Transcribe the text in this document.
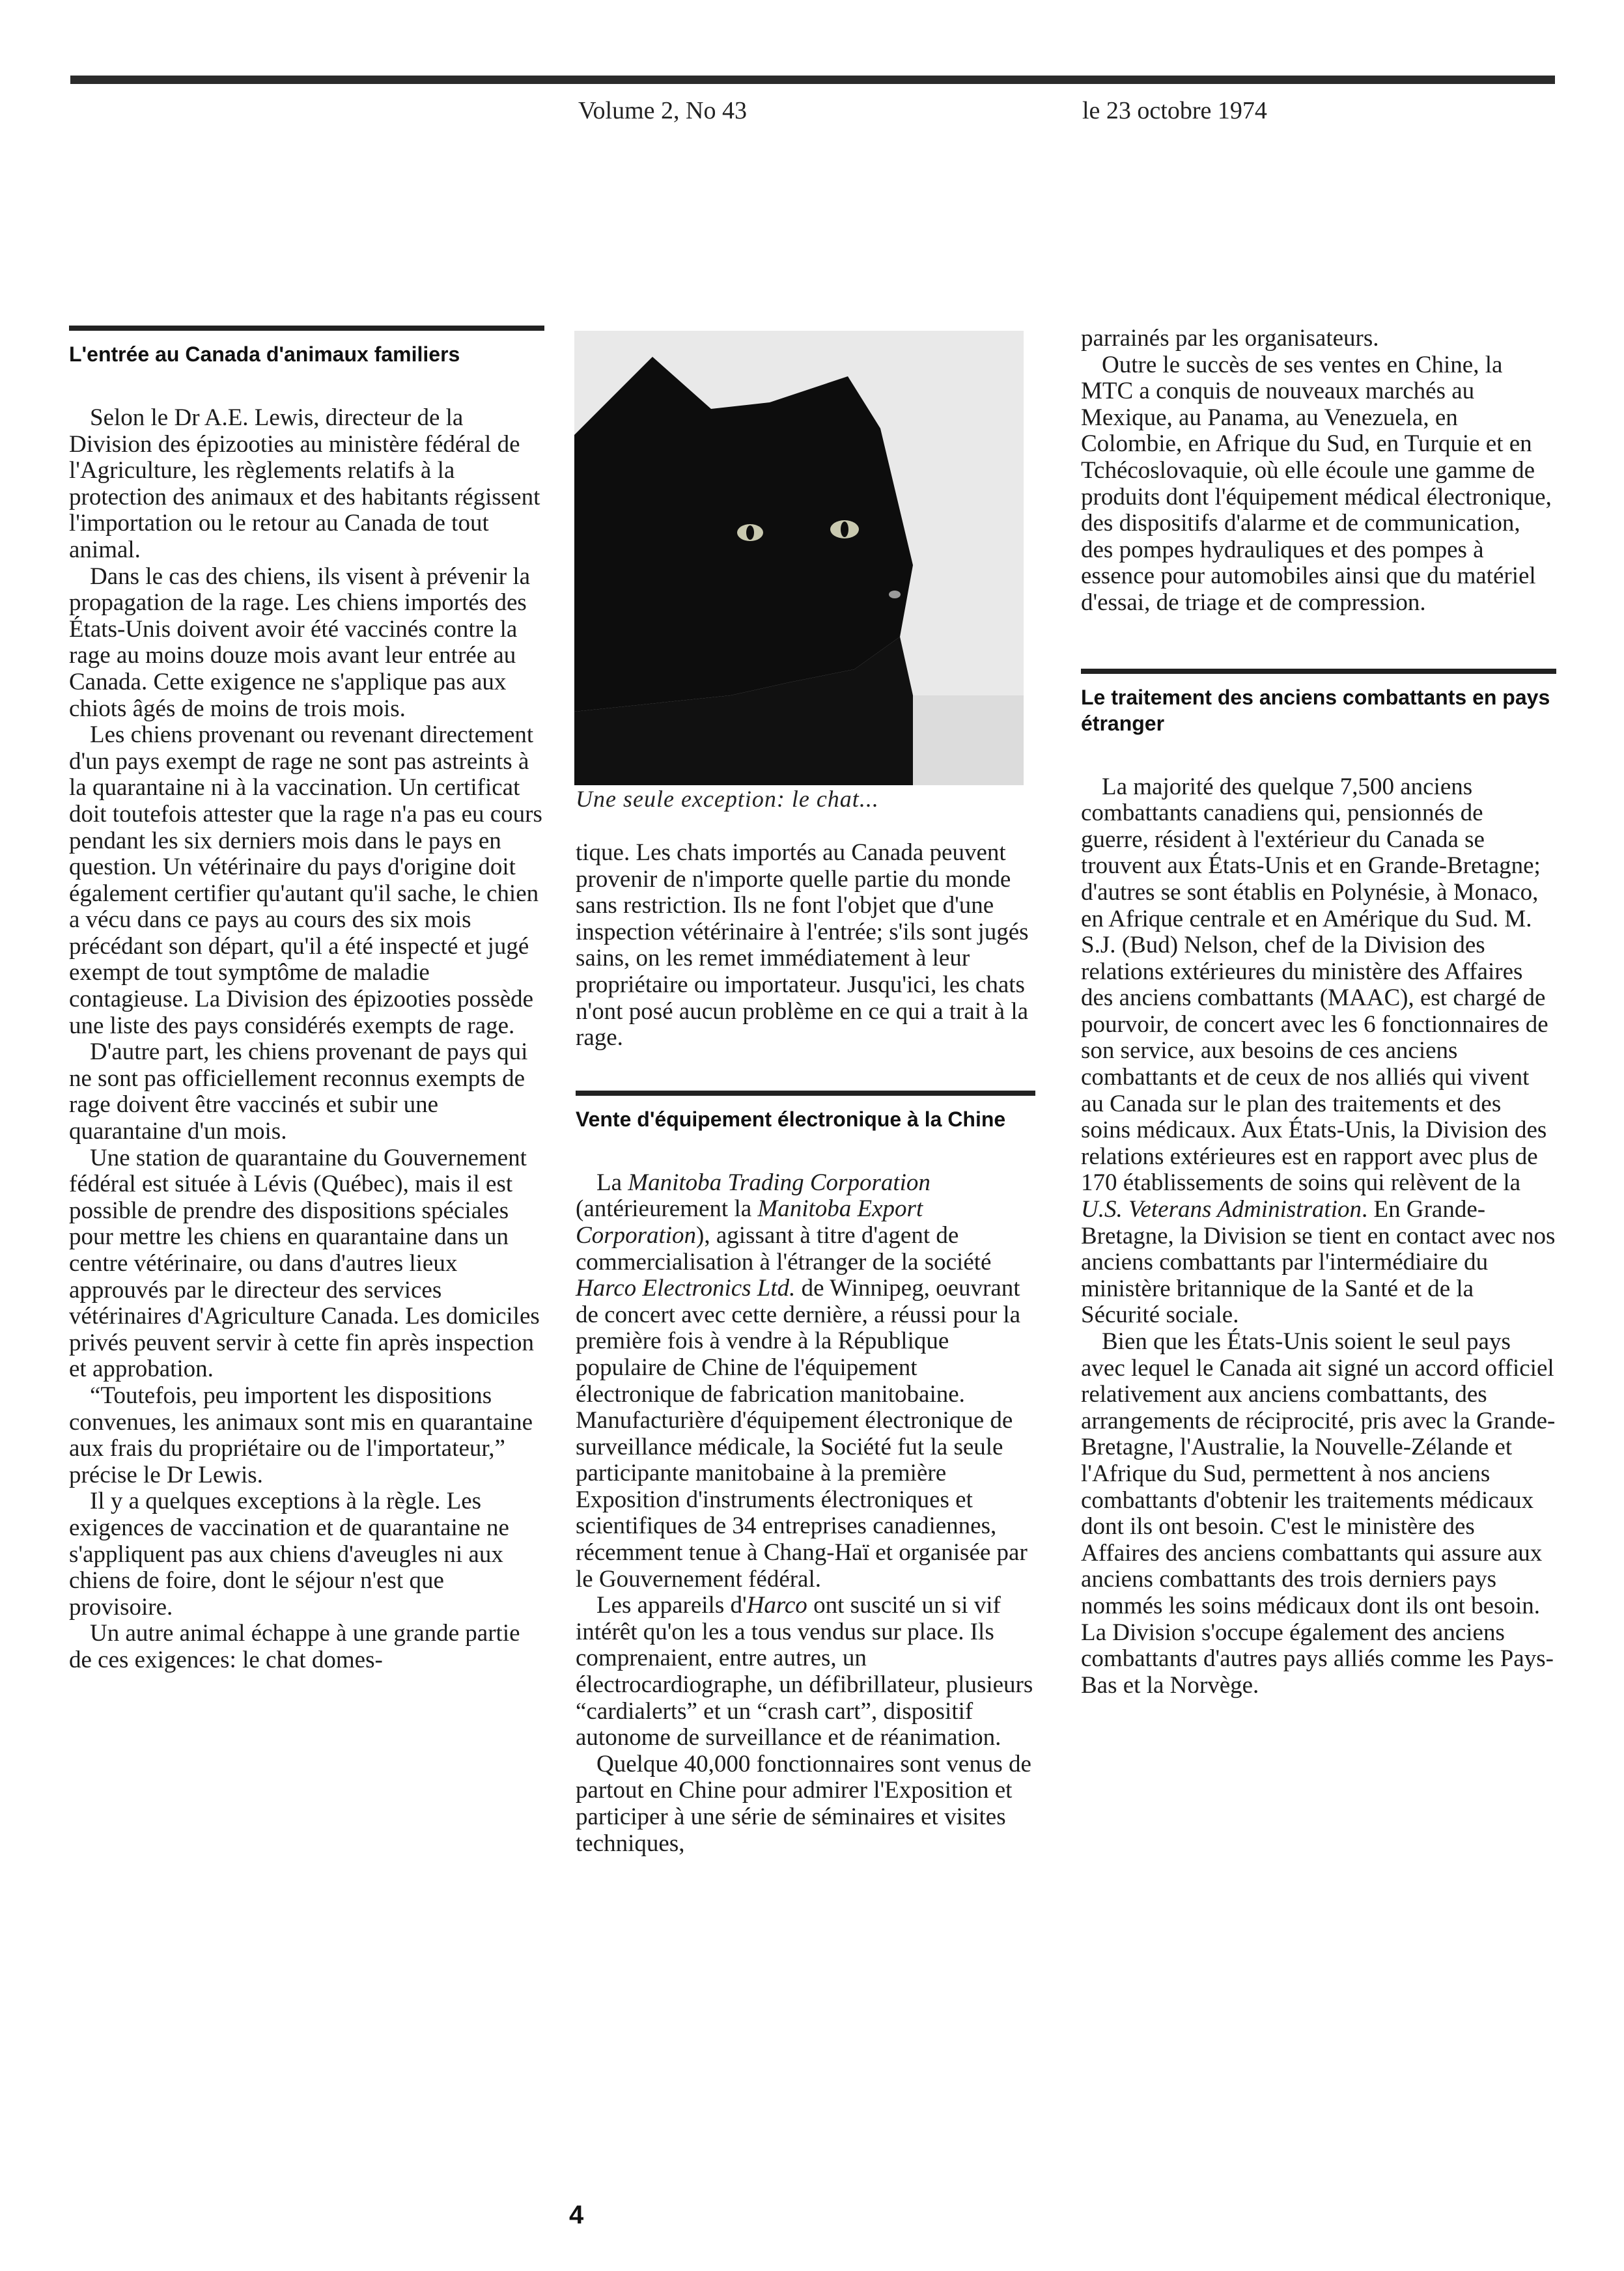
Volume 2, No 43	le 23 octobre 1974
L'entrée au Canada d'animaux familiers

Selon le Dr A.E. Lewis, directeur de la Division des épizooties au ministère fédéral de l'Agriculture, les règlements relatifs à la protection des animaux et des habitants régissent l'importation ou le retour au Canada de tout animal.

Dans le cas des chiens, ils visent à prévenir la propagation de la rage. Les chiens importés des États-Unis doivent avoir été vaccinés contre la rage au moins douze mois avant leur entrée au Canada. Cette exigence ne s'applique pas aux chiots âgés de moins de trois mois.

Les chiens provenant ou revenant directement d'un pays exempt de rage ne sont pas astreints à la quarantaine ni à la vaccination. Un certificat doit toutefois attester que la rage n'a pas eu cours pendant les six derniers mois dans le pays en question. Un vétérinaire du pays d'origine doit également certifier qu'autant qu'il sache, le chien a vécu dans ce pays au cours des six mois précédant son départ, qu'il a été inspecté et jugé exempt de tout symptôme de maladie contagieuse. La Division des épizooties possède une liste des pays considérés exempts de rage.

D'autre part, les chiens provenant de pays qui ne sont pas officiellement reconnus exempts de rage doivent être vaccinés et subir une quarantaine d'un mois.

Une station de quarantaine du Gouvernement fédéral est située à Lévis (Québec), mais il est possible de prendre des dispositions spéciales pour mettre les chiens en quarantaine dans un centre vétérinaire, ou dans d'autres lieux approuvés par le directeur des services vétérinaires d'Agriculture Canada. Les domiciles privés peuvent servir à cette fin après inspection et approbation.

“Toutefois, peu importent les dispositions convenues, les animaux sont mis en quarantaine aux frais du propriétaire ou de l'importateur,” précise le Dr Lewis.

Il y a quelques exceptions à la règle. Les exigences de vaccination et de quarantaine ne s'appliquent pas aux chiens d'aveugles ni aux chiens de foire, dont le séjour n'est que provisoire.

Un autre animal échappe à une grande partie de ces exigences: le chat domes-

Une seule exception: le chat...

tique. Les chats importés au Canada peuvent provenir de n'importe quelle partie du monde sans restriction. Ils ne font l'objet que d'une inspection vétérinaire à l'entrée; s'ils sont jugés sains, on les remet immédiatement à leur propriétaire ou importateur. Jusqu'ici, les chats n'ont posé aucun problème en ce qui a trait à la rage.

Vente d'équipement électronique à la Chine

La Manitoba Trading Corporation (antérieurement la Manitoba Export Corporation), agissant à titre d'agent de commercialisation à l'étranger de la société Harco Electronics Ltd. de Winnipeg, oeuvrant de concert avec cette dernière, a réussi pour la première fois à vendre à la République populaire de Chine de l'équipement électronique de fabrication manitobaine. Manufacturière d'équipement électronique de surveillance médicale, la Société fut la seule participante manitobaine à la première Exposition d'instruments électroniques et scientifiques de 34 entreprises canadiennes, récemment tenue à Chang-Haï et organisée par le Gouvernement fédéral.

Les appareils d'Harco ont suscité un si vif intérêt qu'on les a tous vendus sur place. Ils comprenaient, entre autres, un électrocardiographe, un défibrillateur, plusieurs “cardialerts” et un “crash cart”, dispositif autonome de surveillance et de réanimation.

Quelque 40,000 fonctionnaires sont venus de partout en Chine pour admirer l'Exposition et participer à une série de séminaires et visites techniques,

parrainés par les organisateurs.

Outre le succès de ses ventes en Chine, la MTC a conquis de nouveaux marchés au Mexique, au Panama, au Venezuela, en Colombie, en Afrique du Sud, en Turquie et en Tchécoslovaquie, où elle écoule une gamme de produits dont l'équipement médical électronique, des dispositifs d'alarme et de communication, des pompes hydrauliques et des pompes à essence pour automobiles ainsi que du matériel d'essai, de triage et de compression.

Le traitement des anciens combattants en pays étranger

La majorité des quelque 7,500 anciens combattants canadiens qui, pensionnés de guerre, résident à l'extérieur du Canada se trouvent aux États-Unis et en Grande-Bretagne; d'autres se sont établis en Polynésie, à Monaco, en Afrique centrale et en Amérique du Sud. M. S.J. (Bud) Nelson, chef de la Division des relations extérieures du ministère des Affaires des anciens combattants (MAAC), est chargé de pourvoir, de concert avec les 6 fonctionnaires de son service, aux besoins de ces anciens combattants et de ceux de nos alliés qui vivent au Canada sur le plan des traitements et des soins médicaux. Aux États-Unis, la Division des relations extérieures est en rapport avec plus de 170 établissements de soins qui relèvent de la U.S. Veterans Administration. En Grande-Bretagne, la Division se tient en contact avec nos anciens combattants par l'intermédiaire du ministère britannique de la Santé et de la Sécurité sociale.

Bien que les États-Unis soient le seul pays avec lequel le Canada ait signé un accord officiel relativement aux anciens combattants, des arrangements de réciprocité, pris avec la Grande-Bretagne, l'Australie, la Nouvelle-Zélande et l'Afrique du Sud, permettent à nos anciens combattants d'obtenir les traitements médicaux dont ils ont besoin. C'est le ministère des Affaires des anciens combattants qui assure aux anciens combattants des trois derniers pays nommés les soins médicaux dont ils ont besoin. La Division s'occupe également des anciens combattants d'autres pays alliés comme les Pays-Bas et la Norvège.

4
